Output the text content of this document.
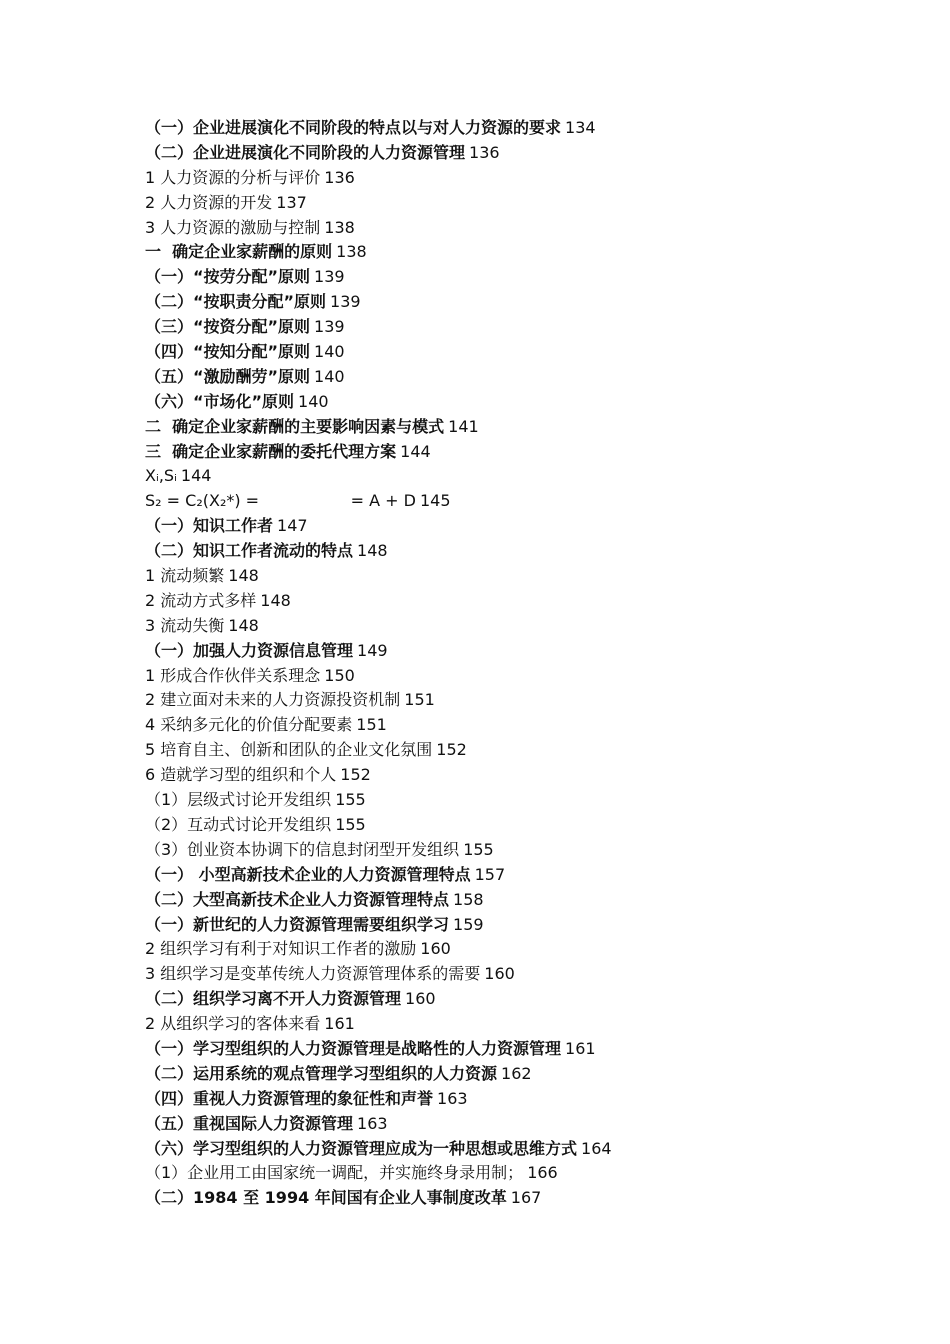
（一）企业进展演化不同阶段的特点以与对人力资源的要求 134
（二）企业进展演化不同阶段的人力资源管理 136
1 人力资源的分析与评价 136
2 人力资源的开发 137
3 人力资源的激励与控制 138
一  确定企业家薪酬的原则 138
（一）“按劳分配”原则 139
（二）“按职责分配”原则 139
（三）“按资分配”原则 139
（四）“按知分配”原则 140
（五）“激励酬劳”原则 140
（六）“市场化”原则 140
二  确定企业家薪酬的主要影响因素与模式 141
三  确定企业家薪酬的委托代理方案 144
Xᵢ,Sᵢ 144
S₂ = C₂(X₂*) =                  = A + D 145
（一）知识工作者 147
（二）知识工作者流动的特点 148
1 流动频繁 148
2 流动方式多样 148
3 流动失衡 148
（一）加强人力资源信息管理 149
1 形成合作伙伴关系理念 150
2 建立面对未来的人力资源投资机制 151
4 采纳多元化的价值分配要素 151
5 培育自主、创新和团队的企业文化氛围 152
6 造就学习型的组织和个人 152
（1）层级式讨论开发组织 155
（2）互动式讨论开发组织 155
（3）创业资本协调下的信息封闭型开发组织 155
（一） 小型高新技术企业的人力资源管理特点 157
（二）大型高新技术企业人力资源管理特点 158
（一）新世纪的人力资源管理需要组织学习 159
2 组织学习有利于对知识工作者的激励 160
3 组织学习是变革传统人力资源管理体系的需要 160
（二）组织学习离不开人力资源管理 160
2 从组织学习的客体来看 161
（一）学习型组织的人力资源管理是战略性的人力资源管理 161
（二）运用系统的观点管理学习型组织的人力资源 162
（四）重视人力资源管理的象征性和声誉 163
（五）重视国际人力资源管理 163
（六）学习型组织的人力资源管理应成为一种思想或思维方式 164
（1）企业用工由国家统一调配，并实施终身录用制； 166
（二）1984 至 1994 年间国有企业人事制度改革 167
